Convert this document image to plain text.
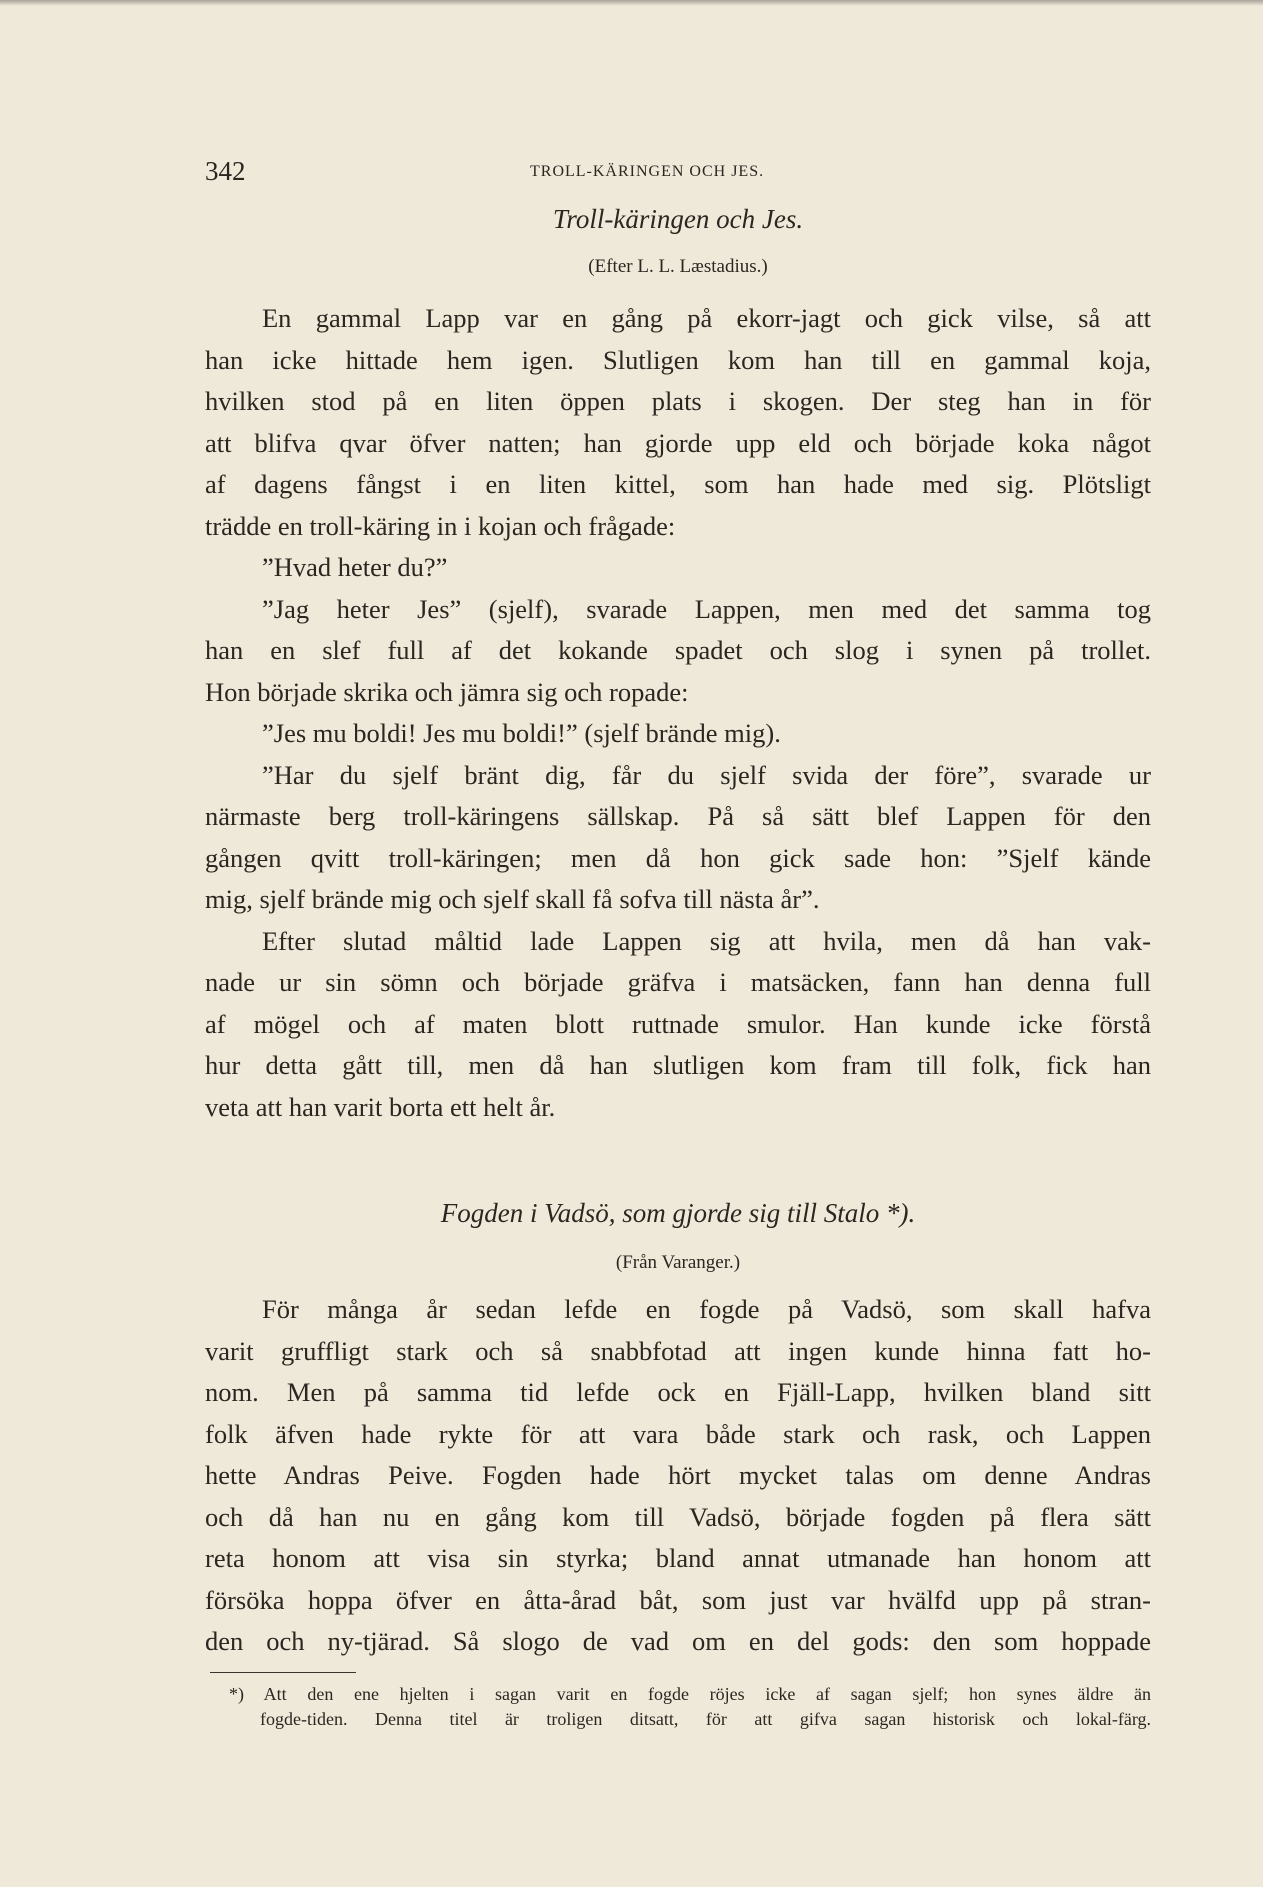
342	TROLL-KÄRINGEN OCH JES.
Troll-käringen och Jes.

(Efter L. L. Læstadius.)

En gammal Lapp var en gång på ekorr-jagt och gick vilse, så att
han icke hittade hem igen. Slutligen kom han till en gammal koja,
hvilken stod på en liten öppen plats i skogen. Der steg han in för
att blifva qvar öfver natten; han gjorde upp eld och började koka något
af dagens fångst i en liten kittel, som han hade med sig. Plötsligt
trädde en troll-käring in i kojan och frågade:
”Hvad heter du?”
”Jag heter Jes” (sjelf), svarade Lappen, men med det samma tog
han en slef full af det kokande spadet och slog i synen på trollet.
Hon började skrika och jämra sig och ropade:
”Jes mu boldi! Jes mu boldi!” (sjelf brände mig).
”Har du sjelf bränt dig, får du sjelf svida der före”, svarade ur
närmaste berg troll-käringens sällskap. På så sätt blef Lappen för den
gången qvitt troll-käringen; men då hon gick sade hon: ”Sjelf kände
mig, sjelf brände mig och sjelf skall få sofva till nästa år”.
Efter slutad måltid lade Lappen sig att hvila, men då han vak-
nade ur sin sömn och började gräfva i matsäcken, fann han denna full
af mögel och af maten blott ruttnade smulor. Han kunde icke förstå
hur detta gått till, men då han slutligen kom fram till folk, fick han
veta att han varit borta ett helt år.
Fogden i Vadsö, som gjorde sig till Stalo *).

(Från Varanger.)

För många år sedan lefde en fogde på Vadsö, som skall hafva
varit gruffligt stark och så snabbfotad att ingen kunde hinna fatt ho-
nom. Men på samma tid lefde ock en Fjäll-Lapp, hvilken bland sitt
folk äfven hade rykte för att vara både stark och rask, och Lappen
hette Andras Peive. Fogden hade hört mycket talas om denne Andras
och då han nu en gång kom till Vadsö, började fogden på flera sätt
reta honom att visa sin styrka; bland annat utmanade han honom att
försöka hoppa öfver en åtta-årad båt, som just var hvälfd upp på stran-
den och ny-tjärad. Så slogo de vad om en del gods: den som hoppade
*) Att den ene hjelten i sagan varit en fogde röjes icke af sagan sjelf; hon synes äldre än
fogde-tiden. Denna titel är troligen ditsatt, för att gifva sagan historisk och lokal-färg.
